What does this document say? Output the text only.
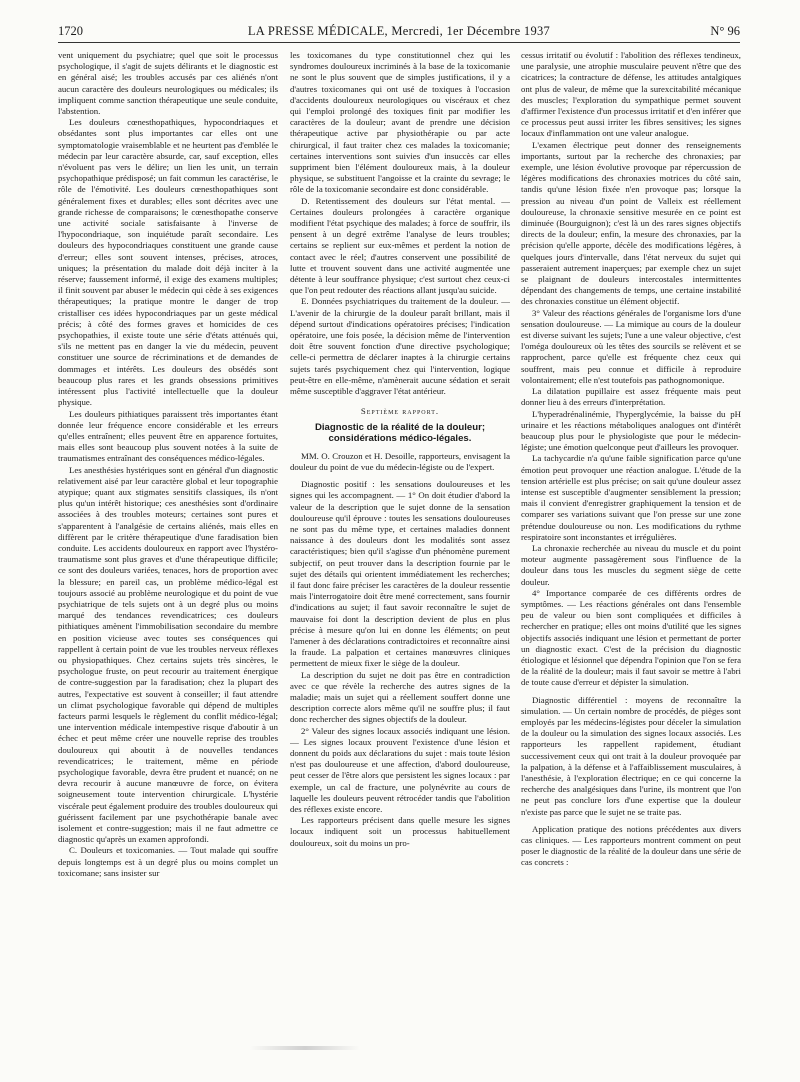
1720	LA PRESSE MÉDICALE, Mercredi, 1er Décembre 1937	N° 96

vent uniquement du psychiatre; quel que soit le processus psychologique, il s'agit de sujets délirants et le diagnostic est en général aisé; les troubles accusés par ces aliénés n'ont aucun caractère des douleurs neurologiques ou médicales; ils impliquent comme sanction thérapeutique une seule conduite, l'abstention.

Les douleurs cœnesthopathiques, hypocondriaques et obsédantes sont plus importantes car elles ont une symptomatologie vraisemblable et ne heurtent pas d'emblée le médecin par leur caractère absurde, car, sauf exception, elles n'évoluent pas vers le délire; un lien les unit, un terrain psychopathique prédisposé; un fait commun les caractérise, le rôle de l'émotivité. Les douleurs cœnesthopathiques sont généralement fixes et durables; elles sont décrites avec une grande richesse de comparaisons; le cœnesthopathe conserve une activité sociale satisfaisante à l'inverse de l'hypocondriaque, son inquiétude paraît secondaire. Les douleurs des hypocondriaques constituent une grande cause d'erreur; elles sont souvent intenses, précises, atroces, uniques; la présentation du malade doit déjà inciter à la réserve; faussement informé, il exige des examens multiples; il finit souvent par abuser le médecin qui cède à ses exigences thérapeutiques; la pratique montre le danger de trop cristalliser ces idées hypocondriaques par un geste médical précis; à côté des formes graves et homicides de ces psychopathies, il existe toute une série d'états atténués qui, s'ils ne mettent pas en danger la vie du médecin, peuvent constituer une source de récriminations et de demandes de dommages et intérêts. Les douleurs des obsédés sont beaucoup plus rares et les grands obsessions primitives intéressent plus l'activité intellectuelle que la douleur physique.

Les douleurs pithiatiques paraissent très importantes étant donnée leur fréquence encore considérable et les erreurs qu'elles entraînent; elles peuvent être en apparence fortuites, mais elles sont beaucoup plus souvent notées à la suite de traumatismes entraînant des conséquences médico-légales.

Les anesthésies hystériques sont en général d'un diagnostic relativement aisé par leur caractère global et leur topographie atypique; quant aux stigmates sensitifs classiques, ils n'ont plus qu'un intérêt historique; ces anesthésies sont d'ordinaire associées à des troubles moteurs; certaines sont pures et s'apparentent à l'analgésie de certains aliénés, mais elles en diffèrent par le critère thérapeutique d'une faradisation bien conduite. Les accidents douloureux en rapport avec l'hystéro-traumatisme sont plus graves et d'une thérapeutique difficile; ce sont des douleurs variées, tenaces, hors de proportion avec la blessure; en pareil cas, un problème médico-légal est toujours associé au problème neurologique et du point de vue psychiatrique de tels sujets ont à un degré plus ou moins marqué des tendances revendicatrices; ces douleurs pithiatiques amènent l'immobilisation secondaire du membre en position vicieuse avec toutes ses conséquences qui rappellent à certain point de vue les troubles nerveux réflexes ou physiopathiques. Chez certains sujets très sincères, le psychologue fruste, on peut recourir au traitement énergique de contre-suggestion par la faradisation; chez la plupart des autres, l'expectative est souvent à conseiller; il faut attendre un climat psychologique favorable qui dépend de multiples facteurs parmi lesquels le règlement du conflit médico-légal; une intervention médicale intempestive risque d'aboutir à un échec et peut même créer une nouvelle reprise des troubles douloureux qui aboutit à de nouvelles tendances revendicatrices; le traitement, même en période psychologique favorable, devra être prudent et nuancé; on ne devra recourir à aucune manœuvre de force, on évitera soigneusement toute intervention chirurgicale. L'hystérie viscérale peut également produire des troubles douloureux qui guérissent facilement par une psychothérapie banale avec isolement et contre-suggestion; mais il ne faut admettre ce diagnostic qu'après un examen approfondi.

C. Douleurs et toxicomanies. — Tout malade qui souffre depuis longtemps est à un degré plus ou moins complet un toxicomane; sans insister sur

les toxicomanes du type constitutionnel chez qui les syndromes douloureux incriminés à la base de la toxicomanie ne sont le plus souvent que de simples justifications, il y a d'autres toxicomanes qui ont usé de toxiques à l'occasion d'accidents douloureux neurologiques ou viscéraux et chez qui l'emploi prolongé des toxiques finit par modifier les caractères de la douleur; avant de prendre une décision thérapeutique active par physiothérapie ou par acte chirurgical, il faut traiter chez ces malades la toxicomanie; certaines interventions sont suivies d'un insuccès car elles suppriment bien l'élément douloureux mais, à la douleur physique, se substituent l'angoisse et la crainte du sevrage; le rôle de la toxicomanie secondaire est donc considérable.

D. Retentissement des douleurs sur l'état mental. — Certaines douleurs prolongées à caractère organique modifient l'état psychique des malades; à force de souffrir, ils pensent à un degré extrême l'analyse de leurs troubles; certains se replient sur eux-mêmes et perdent la notion de contact avec le réel; d'autres conservent une possibilité de lutte et trouvent souvent dans une activité augmentée une détente à leur souffrance physique; c'est surtout chez ceux-ci que l'on peut redouter des réactions allant jusqu'au suicide.

E. Données psychiatriques du traitement de la douleur. — L'avenir de la chirurgie de la douleur paraît brillant, mais il dépend surtout d'indications opératoires précises; l'indication opératoire, une fois posée, la décision même de l'intervention doit être souvent fonction d'une directive psychologique; celle-ci permettra de déclarer inaptes à la chirurgie certains sujets tarés psychiquement chez qui l'intervention, logique peut-être en elle-même, n'amènerait aucune sédation et serait même susceptible d'aggraver l'état antérieur.

Septième rapport.
Diagnostic de la réalité de la douleur; considérations médico-légales.

MM. O. Crouzon et H. Desoille, rapporteurs, envisagent la douleur du point de vue du médecin-légiste ou de l'expert.

Diagnostic positif : les sensations douloureuses et les signes qui les accompagnent. — 1° On doit étudier d'abord la valeur de la description que le sujet donne de la sensation douloureuse qu'il éprouve : toutes les sensations douloureuses ne sont pas du même type, et certaines maladies donnent naissance à des douleurs dont les modalités sont assez caractéristiques; bien qu'il s'agisse d'un phénomène purement subjectif, on peut trouver dans la description fournie par le sujet des détails qui orientent immédiatement les recherches; il faut donc faire préciser les caractères de la douleur ressentie mais l'interrogatoire doit être mené correctement, sans fournir d'indications au sujet; il faut savoir reconnaître le sujet de mauvaise foi dont la description devient de plus en plus précise à mesure qu'on lui en donne les éléments; on peut l'amener à des déclarations contradictoires et reconnaître ainsi la fraude. La palpation et certaines manœuvres cliniques permettent de mieux fixer le siège de la douleur.

La description du sujet ne doit pas être en contradiction avec ce que révèle la recherche des autres signes de la maladie; mais un sujet qui a réellement souffert donne une description correcte alors même qu'il ne souffre plus; il faut donc rechercher des signes objectifs de la douleur.

2° Valeur des signes locaux associés indiquant une lésion. — Les signes locaux prouvent l'existence d'une lésion et donnent du poids aux déclarations du sujet : mais toute lésion n'est pas douloureuse et une affection, d'abord douloureuse, peut cesser de l'être alors que persistent les signes locaux : par exemple, un cal de fracture, une polynévrite au cours de laquelle les douleurs peuvent rétrocéder tandis que l'abolition des réflexes existe encore.

Les rapporteurs précisent dans quelle mesure les signes locaux indiquent soit un processus habituellement douloureux, soit du moins un pro-

cessus irritatif ou évolutif : l'abolition des réflexes tendineux, une paralysie, une atrophie musculaire peuvent n'être que des cicatrices; la contracture de défense, les attitudes antalgiques ont plus de valeur, de même que la surexcitabilité mécanique des muscles; l'exploration du sympathique permet souvent d'affirmer l'existence d'un processus irritatif et d'en inférer que ce processus peut aussi irriter les fibres sensitives; les signes locaux d'inflammation ont une valeur analogue.

L'examen électrique peut donner des renseignements importants, surtout par la recherche des chronaxies; par exemple, une lésion évolutive provoque par répercussion de légères modifications des chronaxies motrices du côté sain, tandis qu'une lésion fixée n'en provoque pas; lorsque la pression au niveau d'un point de Valleix est réellement douloureuse, la chronaxie sensitive mesurée en ce point est diminuée (Bourguignon); c'est là un des rares signes objectifs directs de la douleur; enfin, la mesure des chronaxies, par la précision qu'elle apporte, décèle des modifications légères, à quelques jours d'intervalle, dans l'état nerveux du sujet qui passeraient autrement inaperçues; par exemple chez un sujet se plaignant de douleurs intercostales intermittentes dépendant des changements de temps, une certaine instabilité des chronaxies constitue un élément objectif.

3° Valeur des réactions générales de l'organisme lors d'une sensation douloureuse. — La mimique au cours de la douleur est diverse suivant les sujets; l'une a une valeur objective, c'est l'oméga douloureux où les têtes des sourcils se relèvent et se rapprochent, parce qu'elle est fréquente chez ceux qui souffrent, mais peu connue et difficile à reproduire volontairement; elle n'est toutefois pas pathognomonique.

La dilatation pupillaire est assez fréquente mais peut donner lieu à des erreurs d'interprétation.

L'hyperadrénalinémie, l'hyperglycémie, la baisse du pH urinaire et les réactions métaboliques analogues ont d'intérêt beaucoup plus pour le physiologiste que pour le médecin-légiste; une émotion quelconque peut d'ailleurs les provoquer.

La tachycardie n'a qu'une faible signification parce qu'une émotion peut provoquer une réaction analogue. L'étude de la tension artérielle est plus précise; on sait qu'une douleur assez intense est susceptible d'augmenter sensiblement la pression; mais il convient d'enregistrer graphiquement la tension et de comparer ses variations suivant que l'on presse sur une zone prétendue douloureuse ou non. Les modifications du rythme respiratoire sont inconstantes et irrégulières.

La chronaxie recherchée au niveau du muscle et du point moteur augmente passagèrement sous l'influence de la douleur dans tous les muscles du segment siège de cette douleur.

4° Importance comparée de ces différents ordres de symptômes. — Les réactions générales ont dans l'ensemble peu de valeur ou bien sont compliquées et difficiles à rechercher en pratique; elles ont moins d'utilité que les signes objectifs associés indiquant une lésion et permettant de porter un diagnostic exact. C'est de la précision du diagnostic étiologique et lésionnel que dépendra l'opinion que l'on se fera de la réalité de la douleur; mais il faut savoir se mettre à l'abri de toute cause d'erreur et dépister la simulation.

Diagnostic différentiel : moyens de reconnaître la simulation. — Un certain nombre de procédés, de pièges sont employés par les médecins-légistes pour déceler la simulation de la douleur ou la simulation des signes locaux associés. Les rapporteurs les rappellent rapidement, étudiant successivement ceux qui ont trait à la douleur provoquée par la palpation, à la défense et à l'affaiblissement musculaires, à l'anesthésie, à l'exploration électrique; en ce qui concerne la recherche des analgésiques dans l'urine, ils montrent que l'on ne peut pas conclure lors d'une expertise que la douleur n'existe pas parce que le sujet ne se traite pas.

Application pratique des notions précédentes aux divers cas cliniques. — Les rapporteurs montrent comment on peut poser le diagnostic de la réalité de la douleur dans une série de cas concrets :
